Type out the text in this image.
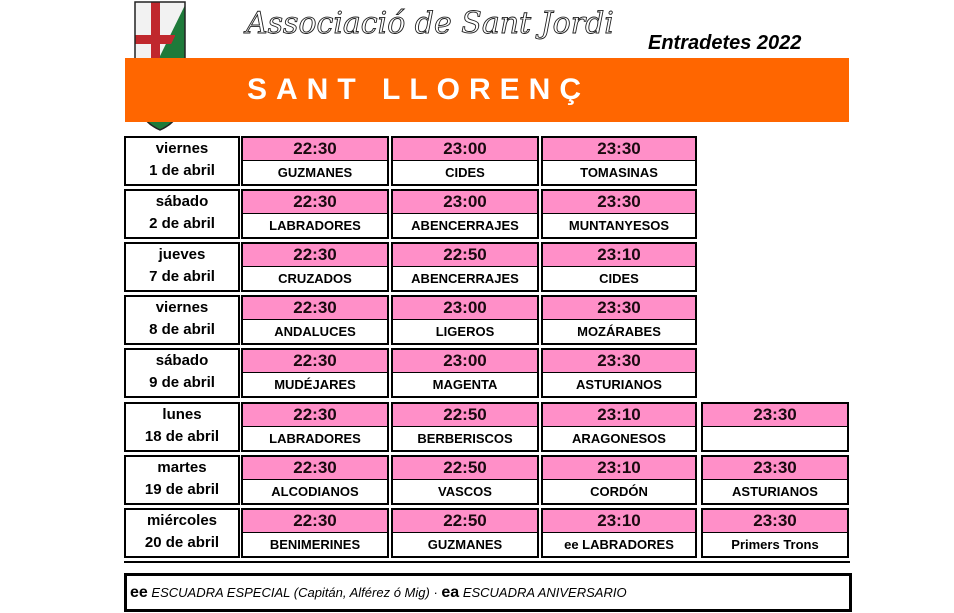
Associació de Sant Jordi
Entradetes 2022
SANT LLORENÇ
viernes
1 de abril
22:30
GUZMANES
23:00
CIDES
23:30
TOMASINAS
sábado
2 de abril
22:30
LABRADORES
23:00
ABENCERRAJES
23:30
MUNTANYESOS
jueves
7 de abril
22:30
CRUZADOS
22:50
ABENCERRAJES
23:10
CIDES
viernes
8 de abril
22:30
ANDALUCES
23:00
LIGEROS
23:30
MOZÁRABES
sábado
9 de abril
22:30
MUDÉJARES
23:00
MAGENTA
23:30
ASTURIANOS
lunes
18 de abril
22:30
LABRADORES
22:50
BERBERISCOS
23:10
ARAGONESOS
23:30
martes
19 de abril
22:30
ALCODIANOS
22:50
VASCOS
23:10
CORDÓN
23:30
ASTURIANOS
miércoles
20 de abril
22:30
BENIMERINES
22:50
GUZMANES
23:10
ee LABRADORES
23:30
Primers Trons
ee ESCUADRA ESPECIAL (Capitán, Alférez ó Mig) · ea ESCUADRA ANIVERSARIO
